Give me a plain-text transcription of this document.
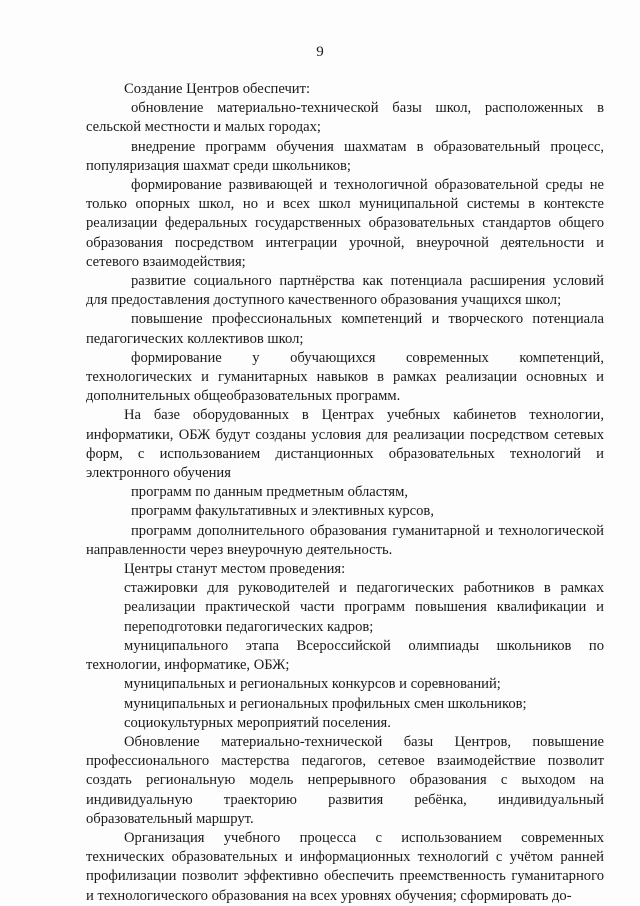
9

Создание Центров обеспечит:

обновление материально-технической базы школ, расположенных в сельской местности и малых городах;

внедрение программ обучения шахматам в образовательный процесс, популяризация шахмат среди школьников;

формирование развивающей и технологичной образовательной среды не только опорных школ, но и всех школ муниципальной системы в контексте реализации федеральных государственных образовательных стандартов общего образования посредством интеграции урочной, внеурочной деятельности и сетевого взаимодействия;

развитие социального партнёрства как потенциала расширения условий для предоставления доступного качественного образования учащихся школ;

повышение профессиональных компетенций и творческого потенциала педагогических коллективов школ;

формирование у обучающихся современных компетенций, технологических и гуманитарных навыков в рамках реализации основных и дополнительных общеобразовательных программ.

На базе оборудованных в Центрах учебных кабинетов технологии, информатики, ОБЖ будут созданы условия для реализации посредством сетевых форм, с использованием дистанционных образовательных технологий и электронного обучения

программ по данным предметным областям,

программ факультативных и элективных курсов,

программ дополнительного образования гуманитарной и технологической направленности через внеурочную деятельность.

Центры станут местом проведения:

стажировки для руководителей и педагогических работников в рамках реализации практической части программ повышения квалификации и переподготовки педагогических кадров;

муниципального этапа Всероссийской олимпиады школьников по технологии, информатике, ОБЖ;

муниципальных и региональных конкурсов и соревнований;

муниципальных и региональных профильных смен школьников;

социокультурных мероприятий поселения.

Обновление материально-технической базы Центров, повышение профессионального мастерства педагогов, сетевое взаимодействие позволит создать региональную модель непрерывного образования с выходом на индивидуальную траекторию развития ребёнка, индивидуальный образовательный маршрут.

Организация учебного процесса с использованием современных технических образовательных и информационных технологий с учётом ранней профилизации позволит эффективно обеспечить преемственность гуманитарного и технологического образования на всех уровнях обучения; сформировать до-
